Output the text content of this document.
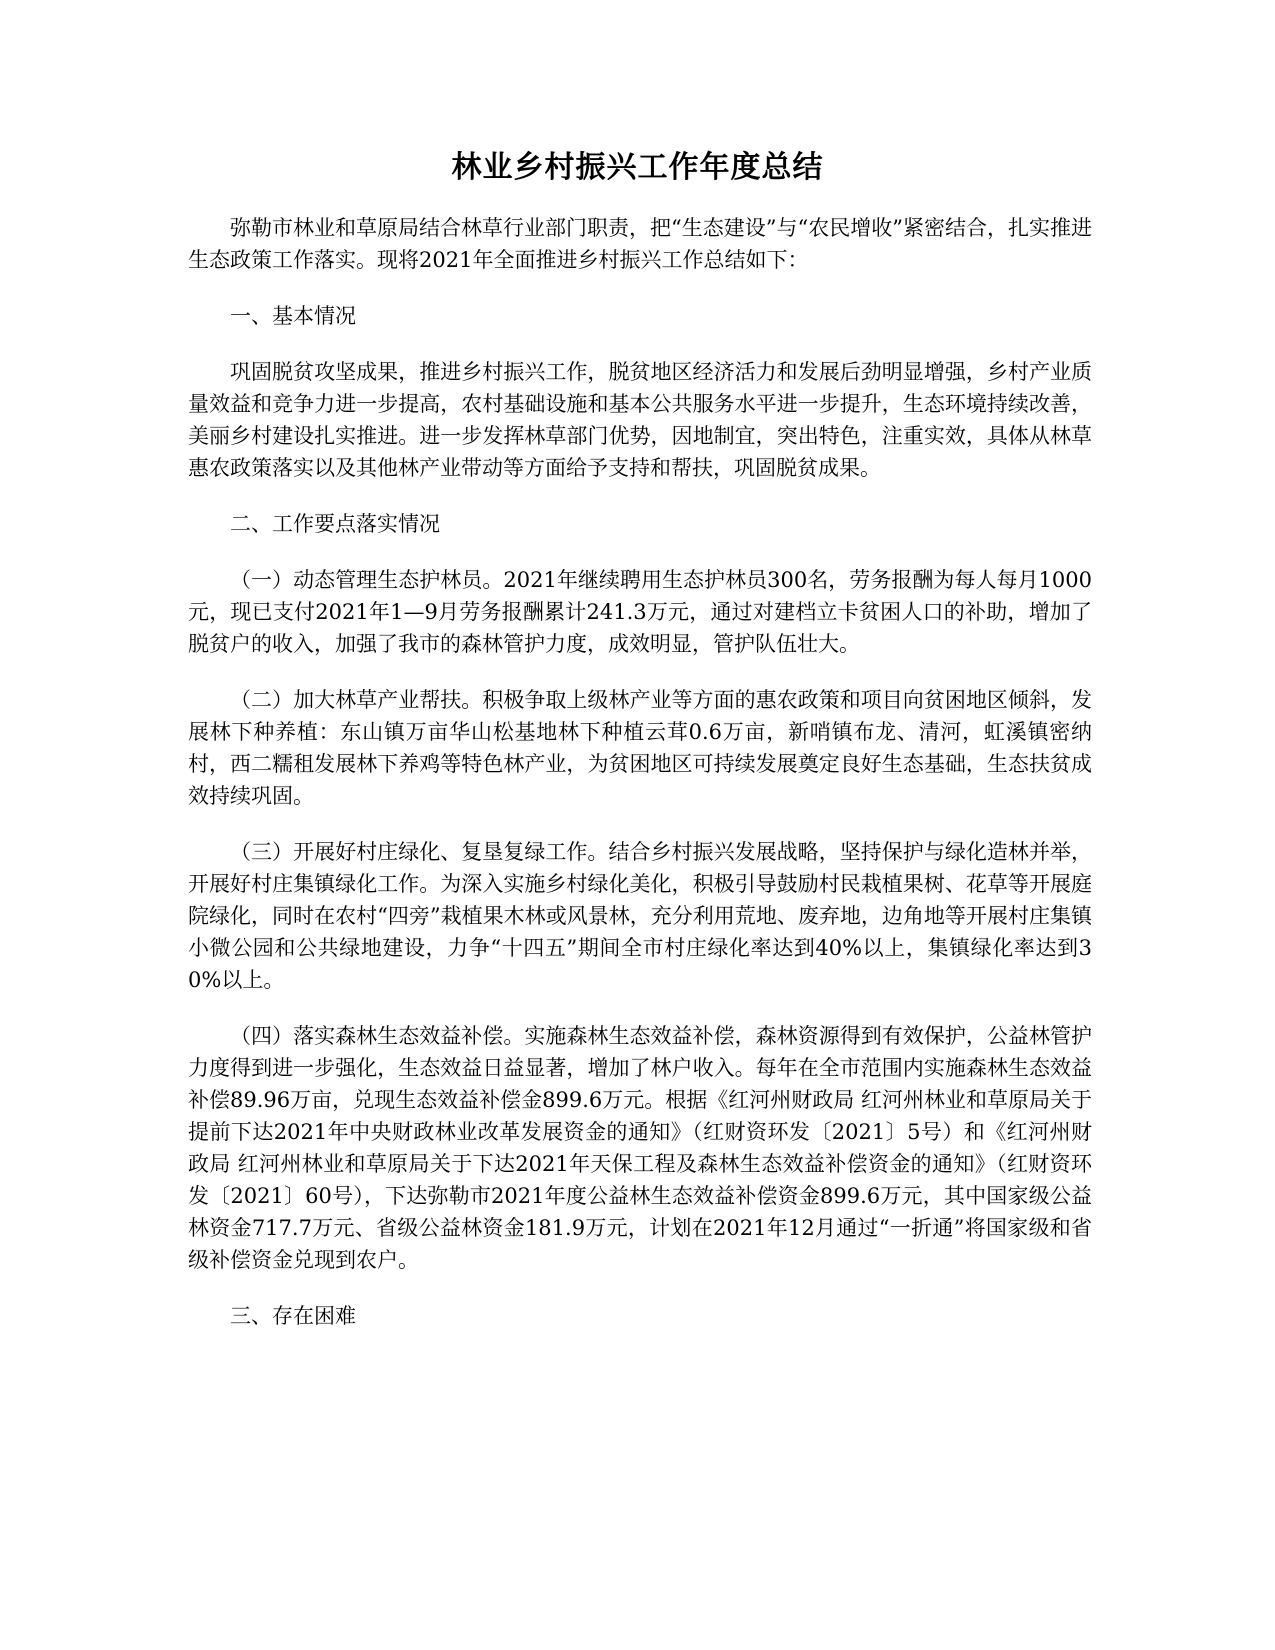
林业乡村振兴工作年度总结

弥勒市林业和草原局结合林草行业部门职责，把“生态建设”与“农民增收”紧密结合，扎实推进生态政策工作落实。现将2021年全面推进乡村振兴工作总结如下：

一、基本情况

巩固脱贫攻坚成果，推进乡村振兴工作，脱贫地区经济活力和发展后劲明显增强，乡村产业质量效益和竞争力进一步提高，农村基础设施和基本公共服务水平进一步提升，生态环境持续改善，美丽乡村建设扎实推进。进一步发挥林草部门优势，因地制宜，突出特色，注重实效，具体从林草惠农政策落实以及其他林产业带动等方面给予支持和帮扶，巩固脱贫成果。

二、工作要点落实情况

（一）动态管理生态护林员。2021年继续聘用生态护林员300名，劳务报酬为每人每月1000元，现已支付2021年1—9月劳务报酬累计241.3万元，通过对建档立卡贫困人口的补助，增加了脱贫户的收入，加强了我市的森林管护力度，成效明显，管护队伍壮大。

（二）加大林草产业帮扶。积极争取上级林产业等方面的惠农政策和项目向贫困地区倾斜，发展林下种养植：东山镇万亩华山松基地林下种植云茸0.6万亩，新哨镇布龙、清河，虹溪镇密纳村，西二糯租发展林下养鸡等特色林产业，为贫困地区可持续发展奠定良好生态基础，生态扶贫成效持续巩固。

（三）开展好村庄绿化、复垦复绿工作。结合乡村振兴发展战略，坚持保护与绿化造林并举，开展好村庄集镇绿化工作。为深入实施乡村绿化美化，积极引导鼓励村民栽植果树、花草等开展庭院绿化，同时在农村“四旁”栽植果木林或风景林，充分利用荒地、废弃地，边角地等开展村庄集镇小微公园和公共绿地建设，力争“十四五”期间全市村庄绿化率达到40%以上，集镇绿化率达到30%以上。

（四）落实森林生态效益补偿。实施森林生态效益补偿，森林资源得到有效保护，公益林管护力度得到进一步强化，生态效益日益显著，增加了林户收入。每年在全市范围内实施森林生态效益补偿89.96万亩，兑现生态效益补偿金899.6万元。根据《红河州财政局 红河州林业和草原局关于提前下达2021年中央财政林业改革发展资金的通知》（红财资环发〔2021〕5号）和《红河州财政局 红河州林业和草原局关于下达2021年天保工程及森林生态效益补偿资金的通知》（红财资环发〔2021〕60号），下达弥勒市2021年度公益林生态效益补偿资金899.6万元，其中国家级公益林资金717.7万元、省级公益林资金181.9万元，计划在2021年12月通过“一折通”将国家级和省级补偿资金兑现到农户。

三、存在困难
